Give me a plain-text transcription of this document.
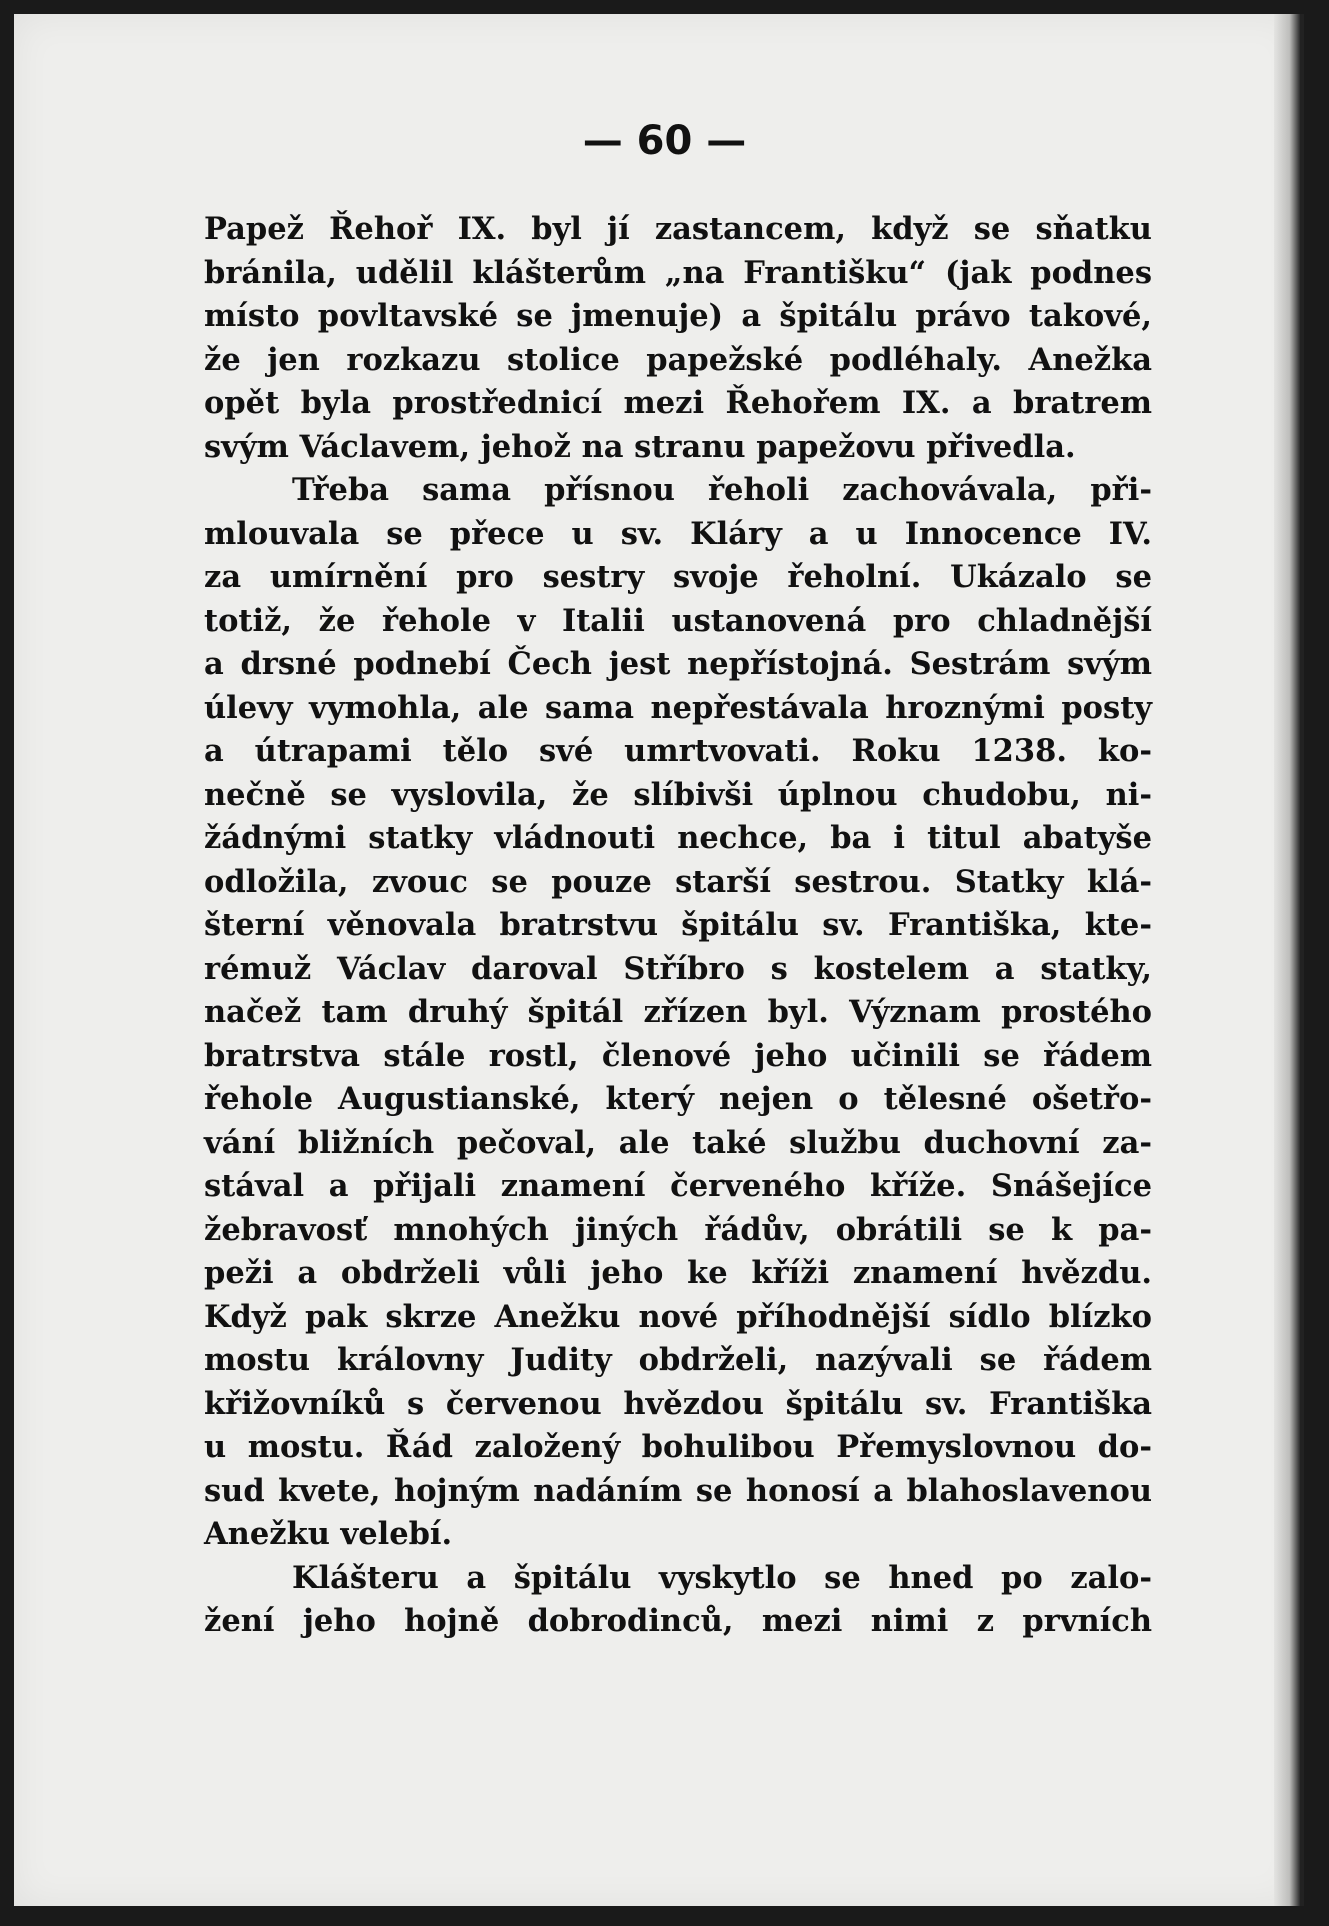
— 60 —
Papež Řehoř IX. byl jí zastancem, když se sňatku
bránila, udělil klášterům „na Františku“ (jak podnes
místo povltavské se jmenuje) a špitálu právo takové,
že jen rozkazu stolice papežské podléhaly. Anežka
opět byla prostřednicí mezi Řehořem IX. a bratrem
svým Václavem, jehož na stranu papežovu přivedla.
Třeba sama přísnou řeholi zachovávala, při-
mlouvala se přece u sv. Kláry a u Innocence IV.
za umírnění pro sestry svoje řeholní. Ukázalo se
totiž, že řehole v Italii ustanovená pro chladnější
a drsné podnebí Čech jest nepřístojná. Sestrám svým
úlevy vymohla, ale sama nepřestávala hroznými posty
a útrapami tělo své umrtvovati. Roku 1238. ko-
nečně se vyslovila, že slíbivši úplnou chudobu, ni-
žádnými statky vládnouti nechce, ba i titul abatyše
odložila, zvouc se pouze starší sestrou. Statky klá-
šterní věnovala bratrstvu špitálu sv. Františka, kte-
rémuž Václav daroval Stříbro s kostelem a statky,
načež tam druhý špitál zřízen byl. Význam prostého
bratrstva stále rostl, členové jeho učinili se řádem
řehole Augustianské, který nejen o tělesné ošetřo-
vání bližních pečoval, ale také službu duchovní za-
stával a přijali znamení červeného kříže. Snášejíce
žebravosť mnohých jiných řádův, obrátili se k pa-
peži a obdrželi vůli jeho ke kříži znamení hvězdu.
Když pak skrze Anežku nové příhodnější sídlo blízko
mostu královny Judity obdrželi, nazývali se řádem
křižovníků s červenou hvězdou špitálu sv. Františka
u mostu. Řád založený bohulibou Přemyslovnou do-
sud kvete, hojným nadáním se honosí a blahoslavenou
Anežku velebí.
Klášteru a špitálu vyskytlo se hned po zalo-
žení jeho hojně dobrodinců, mezi nimi z prvních
